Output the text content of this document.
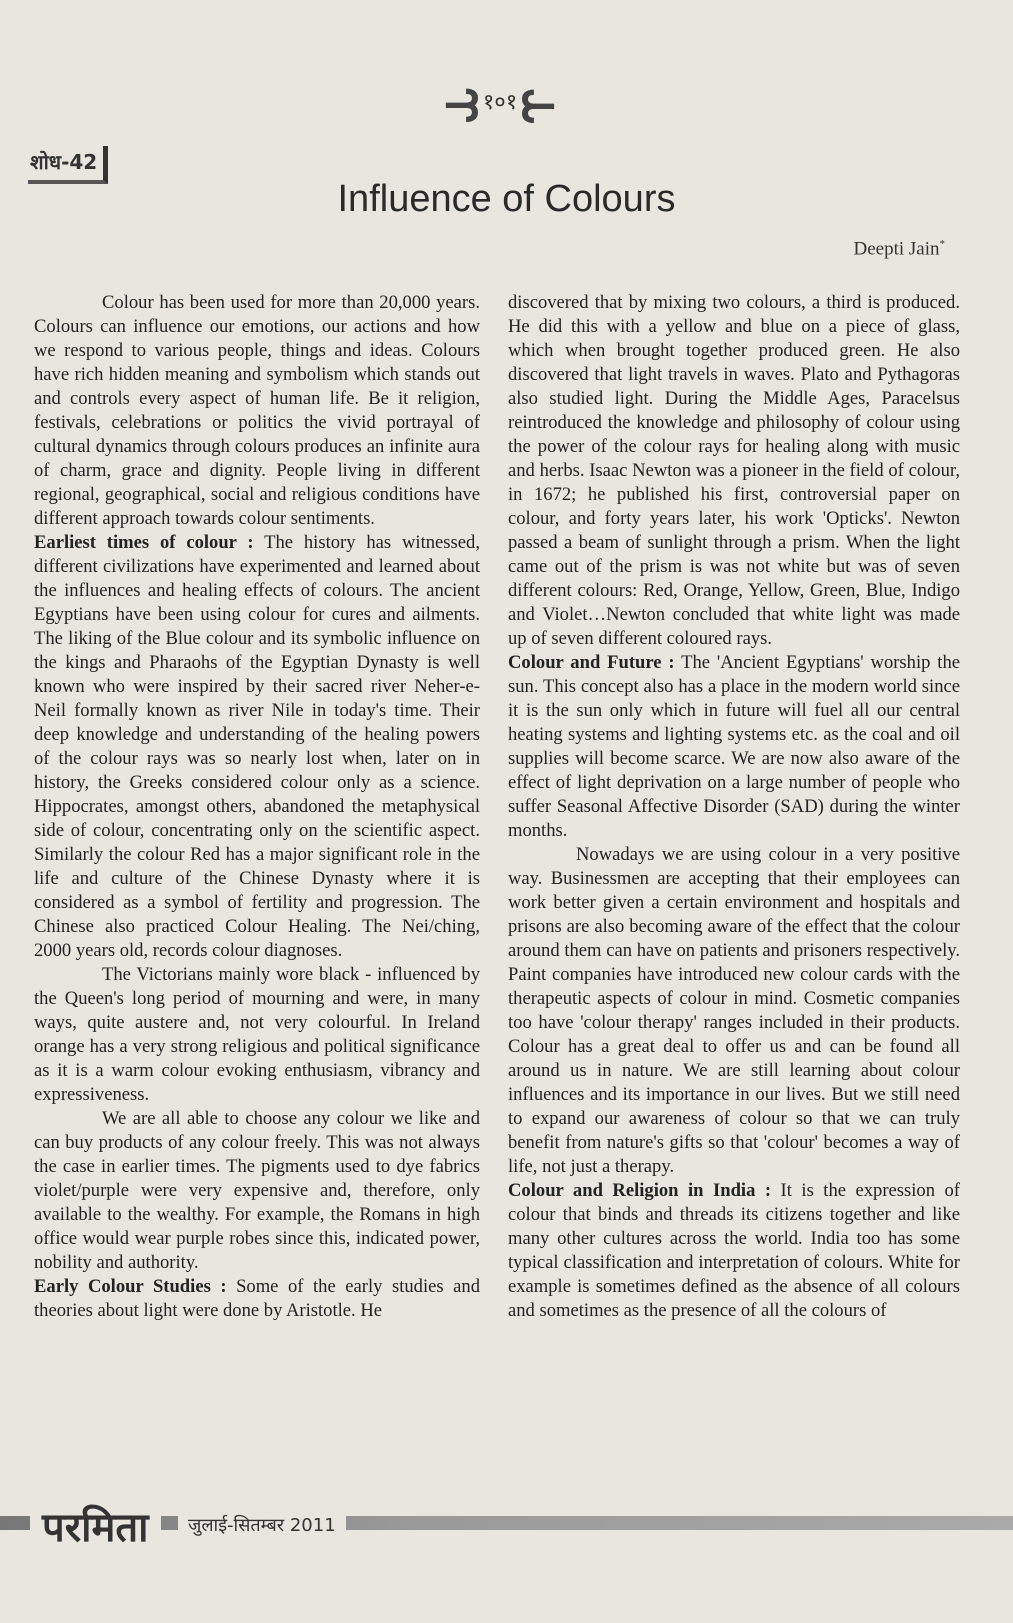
⥽ १०१ ⥼
शोध-42
Influence of Colours
Deepti Jain*

Colour has been used for more than 20,000 years. Colours can influence our emotions, our actions and how we respond to various people, things and ideas. Colours have rich hidden meaning and symbolism which stands out and controls every aspect of human life. Be it religion, festivals, celebrations or politics the vivid portrayal of cultural dynamics through colours produces an infinite aura of charm, grace and dignity. People living in different regional, geographical, social and religious conditions have different approach towards colour sentiments.

Earliest times of colour : The history has witnessed, different civilizations have experimented and learned about the influences and healing effects of colours. The ancient Egyptians have been using colour for cures and ailments. The liking of the Blue colour and its symbolic influence on the kings and Pharaohs of the Egyptian Dynasty is well known who were inspired by their sacred river Neher-e-Neil formally known as river Nile in today's time. Their deep knowledge and understanding of the healing powers of the colour rays was so nearly lost when, later on in history, the Greeks considered colour only as a science. Hippocrates, amongst others, abandoned the metaphysical side of colour, concentrating only on the scientific aspect. Similarly the colour Red has a major significant role in the life and culture of the Chinese Dynasty where it is considered as a symbol of fertility and progression. The Chinese also practiced Colour Healing. The Nei/ching, 2000 years old, records colour diagnoses.

The Victorians mainly wore black - influenced by the Queen's long period of mourning and were, in many ways, quite austere and, not very colourful. In Ireland orange has a very strong religious and political significance as it is a warm colour evoking enthusiasm, vibrancy and expressiveness.

We are all able to choose any colour we like and can buy products of any colour freely. This was not always the case in earlier times. The pigments used to dye fabrics violet/purple were very expensive and, therefore, only available to the wealthy. For example, the Romans in high office would wear purple robes since this, indicated power, nobility and authority.

Early Colour Studies : Some of the early studies and theories about light were done by Aristotle. He

discovered that by mixing two colours, a third is produced. He did this with a yellow and blue on a piece of glass, which when brought together produced green. He also discovered that light travels in waves. Plato and Pythagoras also studied light. During the Middle Ages, Paracelsus reintroduced the knowledge and philosophy of colour using the power of the colour rays for healing along with music and herbs. Isaac Newton was a pioneer in the field of colour, in 1672; he published his first, controversial paper on colour, and forty years later, his work 'Opticks'. Newton passed a beam of sunlight through a prism. When the light came out of the prism is was not white but was of seven different colours: Red, Orange, Yellow, Green, Blue, Indigo and Violet…Newton concluded that white light was made up of seven different coloured rays.

Colour and Future : The 'Ancient Egyptians' worship the sun. This concept also has a place in the modern world since it is the sun only which in future will fuel all our central heating systems and lighting systems etc. as the coal and oil supplies will become scarce. We are now also aware of the effect of light deprivation on a large number of people who suffer Seasonal Affective Disorder (SAD) during the winter months.

Nowadays we are using colour in a very positive way. Businessmen are accepting that their employees can work better given a certain environment and hospitals and prisons are also becoming aware of the effect that the colour around them can have on patients and prisoners respectively. Paint companies have introduced new colour cards with the therapeutic aspects of colour in mind. Cosmetic companies too have 'colour therapy' ranges included in their products. Colour has a great deal to offer us and can be found all around us in nature. We are still learning about colour influences and its importance in our lives. But we still need to expand our awareness of colour so that we can truly benefit from nature's gifts so that 'colour' becomes a way of life, not just a therapy.

Colour and Religion in India : It is the expression of colour that binds and threads its citizens together and like many other cultures across the world. India too has some typical classification and interpretation of colours. White for example is sometimes defined as the absence of all colours and sometimes as the presence of all the colours of

परमिता	जुलाई-सितम्बर 2011
